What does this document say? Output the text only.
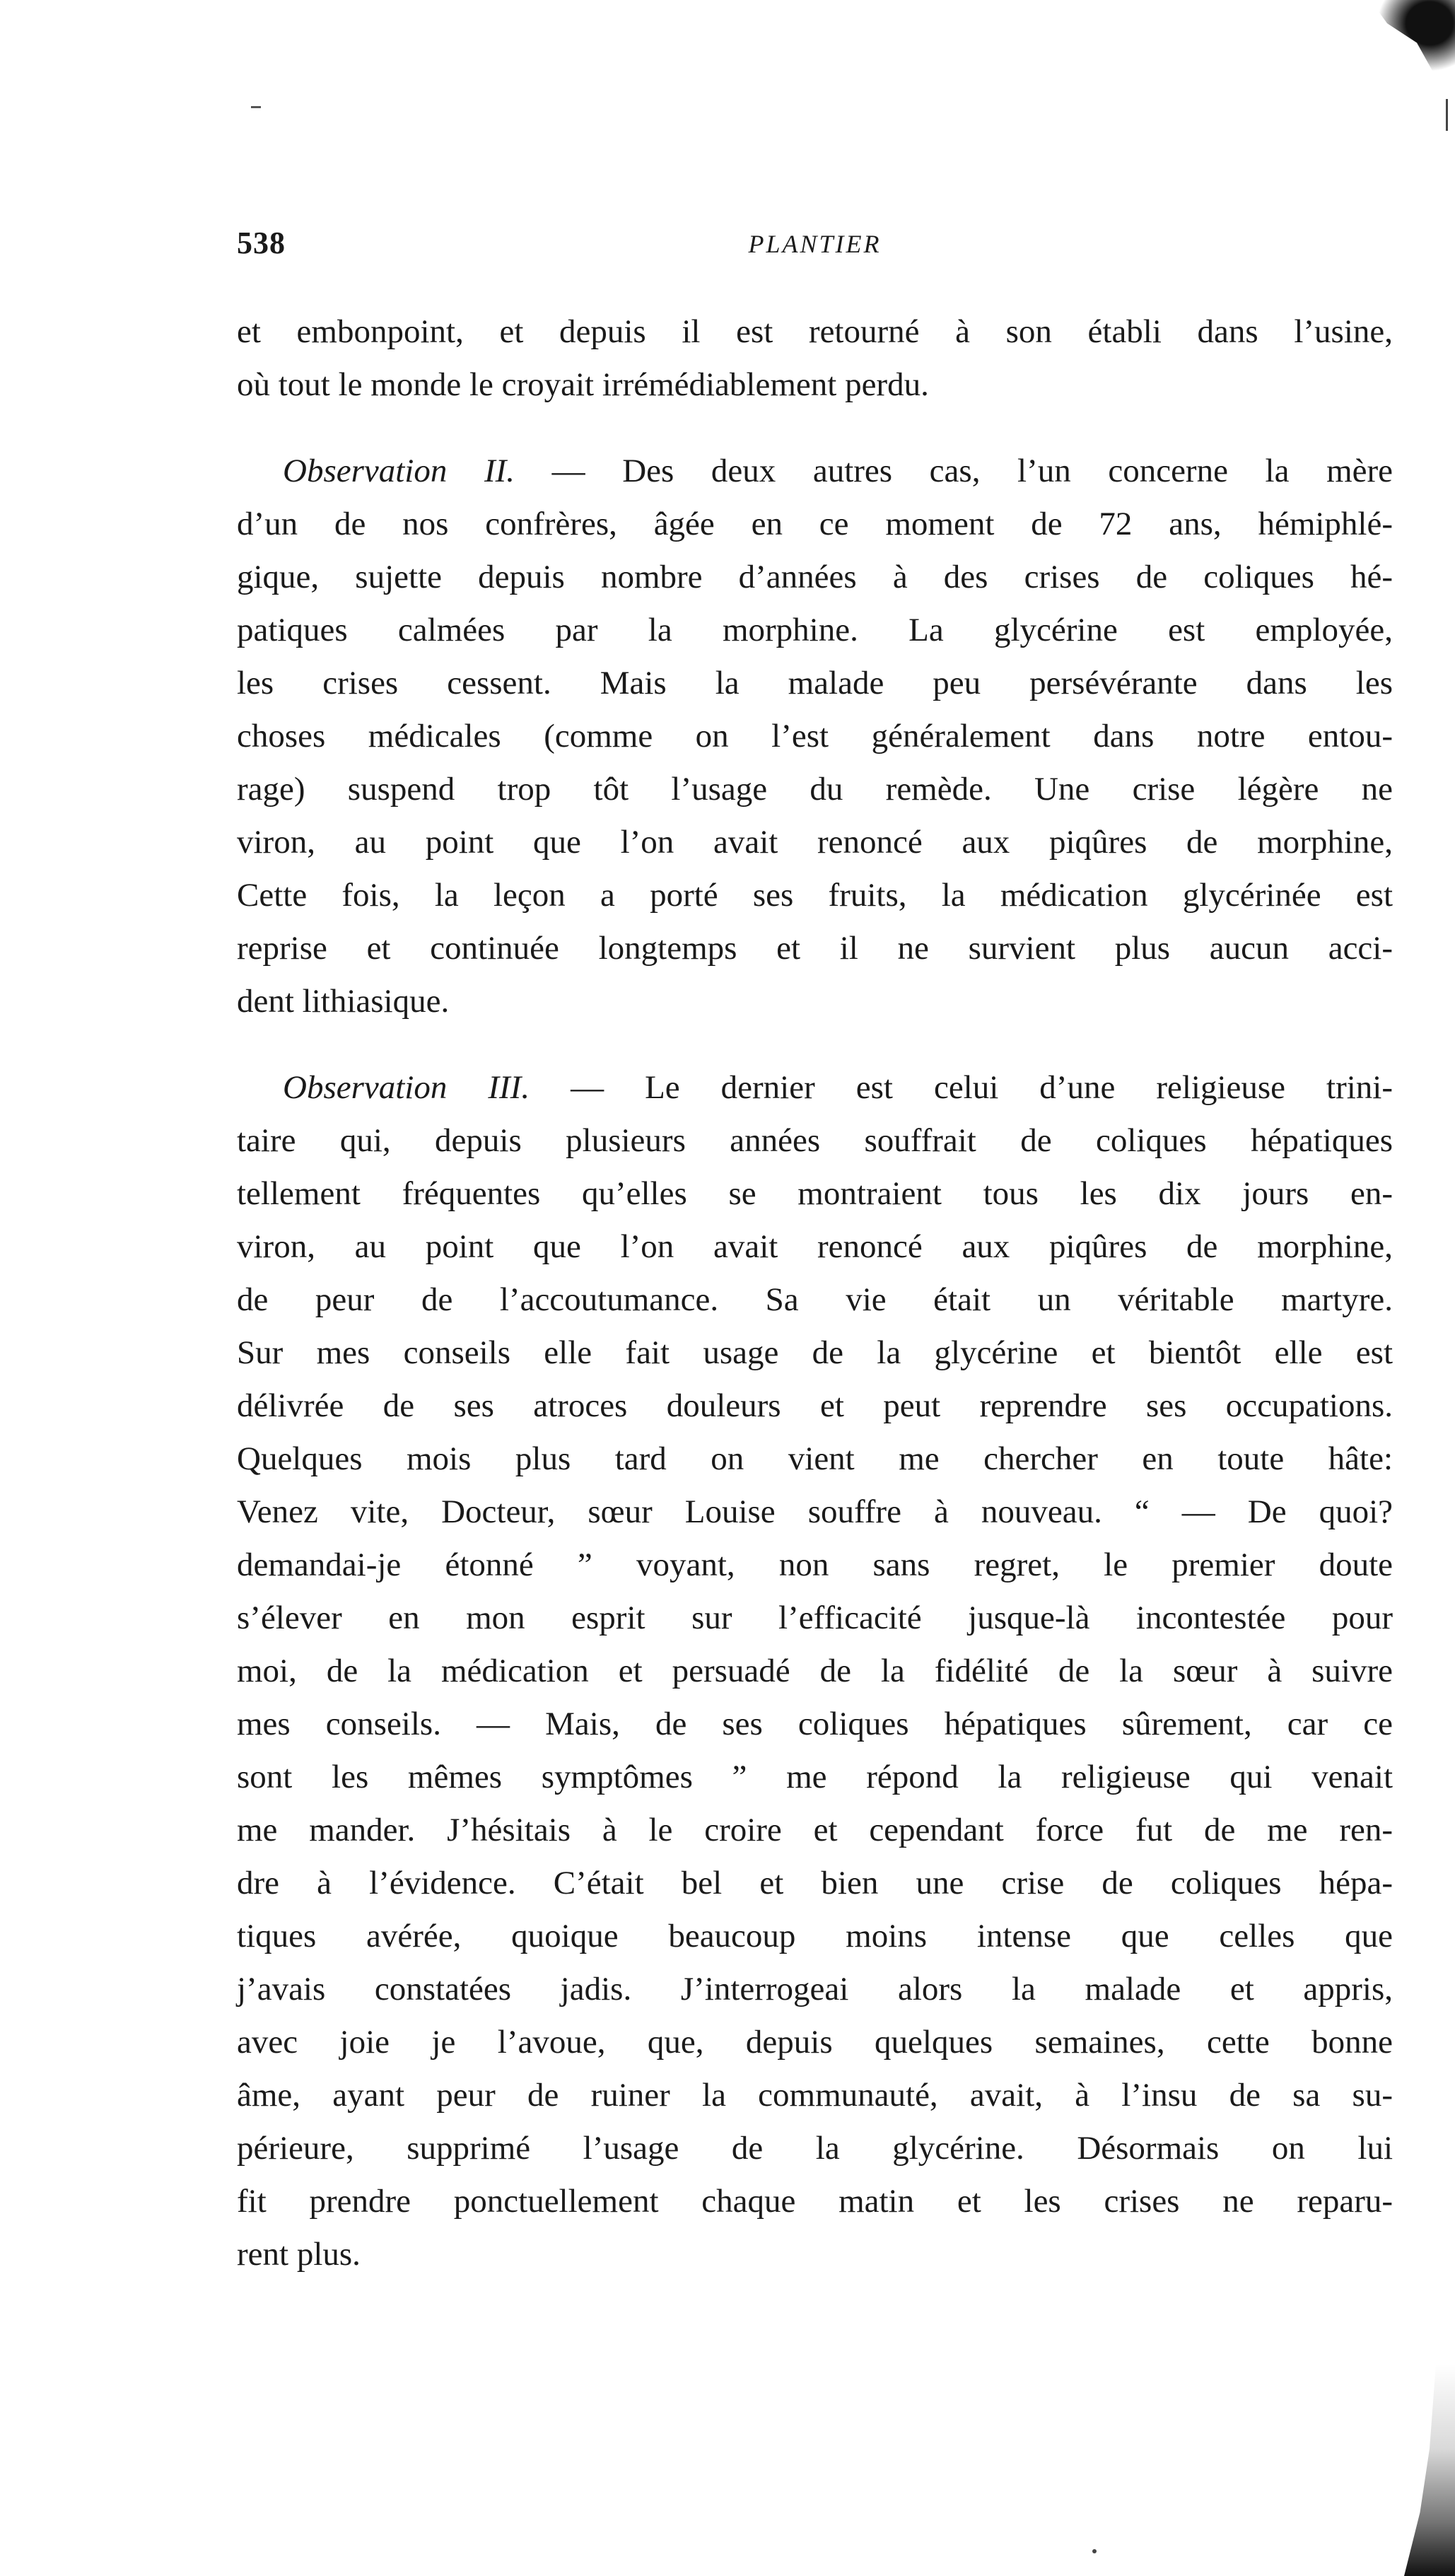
538	PLANTIER

et embonpoint, et depuis il est retourné à son établi dans l’usine,
où tout le monde le croyait irrémédiablement perdu.

Observation II. — Des deux autres cas, l’un concerne la mère
d’un de nos confrères, âgée en ce moment de 72 ans, hémiphlé-
gique, sujette depuis nombre d’années à des crises de coliques hé-
patiques calmées par la morphine. La glycérine est employée,
les crises cessent. Mais la malade peu persévérante dans les
choses médicales (comme on l’est généralement dans notre entou-
rage) suspend trop tôt l’usage du remède. Une crise légère ne
viron, au point que l’on avait renoncé aux piqûres de morphine,
Cette fois, la leçon a porté ses fruits, la médication glycérinée est
reprise et continuée longtemps et il ne survient plus aucun acci-
dent lithiasique.

Observation III. — Le dernier est celui d’une religieuse trini-
taire qui, depuis plusieurs années souffrait de coliques hépatiques
tellement fréquentes qu’elles se montraient tous les dix jours en-
viron, au point que l’on avait renoncé aux piqûres de morphine,
de peur de l’accoutumance. Sa vie était un véritable martyre.
Sur mes conseils elle fait usage de la glycérine et bientôt elle est
délivrée de ses atroces douleurs et peut reprendre ses occupations.
Quelques mois plus tard on vient me chercher en toute hâte:
Venez vite, Docteur, sœur Louise souffre à nouveau. “ — De quoi?
demandai-je étonné ” voyant, non sans regret, le premier doute
s’élever en mon esprit sur l’efficacité jusque-là incontestée pour
moi, de la médication et persuadé de la fidélité de la sœur à suivre
mes conseils. — Mais, de ses coliques hépatiques sûrement, car ce
sont les mêmes symptômes ” me répond la religieuse qui venait
me mander. J’hésitais à le croire et cependant force fut de me ren-
dre à l’évidence. C’était bel et bien une crise de coliques hépa-
tiques avérée, quoique beaucoup moins intense que celles que
j’avais constatées jadis. J’interrogeai alors la malade et appris,
avec joie je l’avoue, que, depuis quelques semaines, cette bonne
âme, ayant peur de ruiner la communauté, avait, à l’insu de sa su-
périeure, supprimé l’usage de la glycérine. Désormais on lui
fit prendre ponctuellement chaque matin et les crises ne reparu-
rent plus.
